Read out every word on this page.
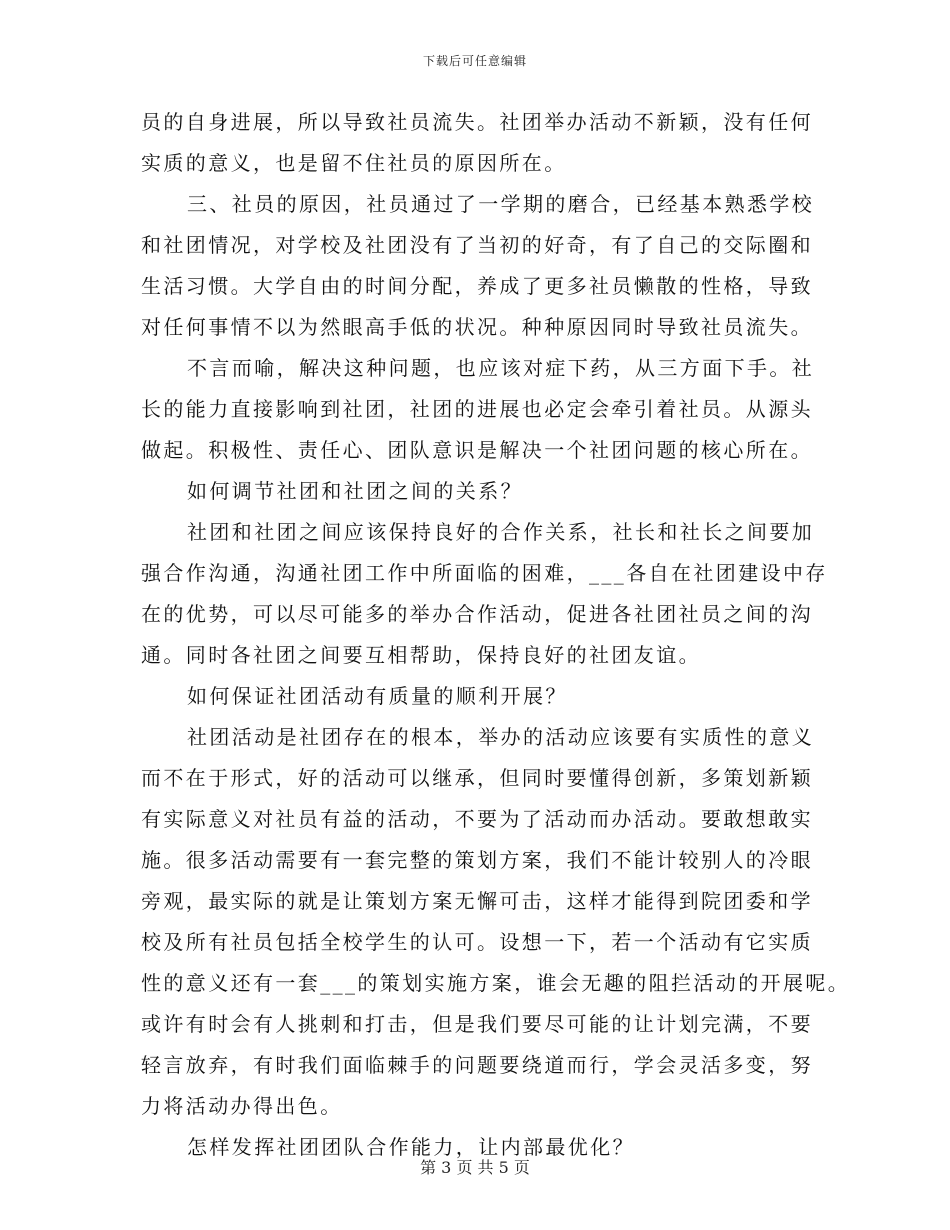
下载后可任意编辑
员的自身进展，所以导致社员流失。社团举办活动不新颖，没有任何
实质的意义，也是留不住社员的原因所在。
三、社员的原因，社员通过了一学期的磨合，已经基本熟悉学校
和社团情况，对学校及社团没有了当初的好奇，有了自己的交际圈和
生活习惯。大学自由的时间分配，养成了更多社员懒散的性格，导致
对任何事情不以为然眼高手低的状况。种种原因同时导致社员流失。
不言而喻，解决这种问题，也应该对症下药，从三方面下手。社
长的能力直接影响到社团，社团的进展也必定会牵引着社员。从源头
做起。积极性、责任心、团队意识是解决一个社团问题的核心所在。
如何调节社团和社团之间的关系？
社团和社团之间应该保持良好的合作关系，社长和社长之间要加
强合作沟通，沟通社团工作中所面临的困难，___各自在社团建设中存
在的优势，可以尽可能多的举办合作活动，促进各社团社员之间的沟
通。同时各社团之间要互相帮助，保持良好的社团友谊。
如何保证社团活动有质量的顺利开展？
社团活动是社团存在的根本，举办的活动应该要有实质性的意义
而不在于形式，好的活动可以继承，但同时要懂得创新，多策划新颖
有实际意义对社员有益的活动，不要为了活动而办活动。要敢想敢实
施。很多活动需要有一套完整的策划方案，我们不能计较别人的冷眼
旁观，最实际的就是让策划方案无懈可击，这样才能得到院团委和学
校及所有社员包括全校学生的认可。设想一下，若一个活动有它实质
性的意义还有一套___的策划实施方案，谁会无趣的阻拦活动的开展呢。
或许有时会有人挑刺和打击，但是我们要尽可能的让计划完满，不要
轻言放弃，有时我们面临棘手的问题要绕道而行，学会灵活多变，努
力将活动办得出色。
怎样发挥社团团队合作能力，让内部最优化？
第 3 页 共 5 页
